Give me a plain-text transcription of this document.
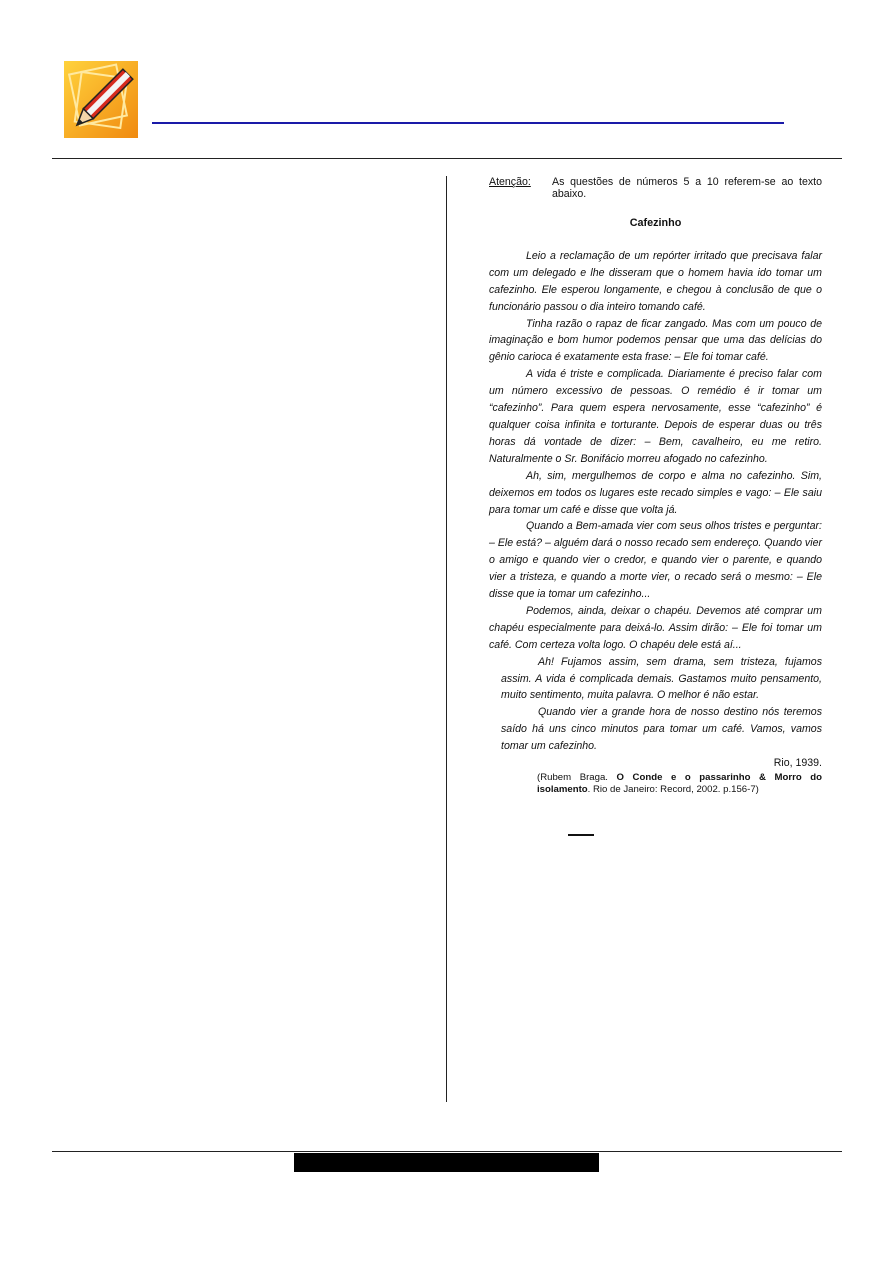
Atenção:	As questões de números 5 a 10 referem-se ao texto abaixo.
Cafezinho

Leio a reclamação de um repórter irritado que precisava falar com um delegado e lhe disseram que o homem havia ido tomar um cafezinho. Ele esperou longamente, e chegou à conclusão de que o funcionário passou o dia inteiro tomando café.

Tinha razão o rapaz de ficar zangado. Mas com um pouco de imaginação e bom humor podemos pensar que uma das delícias do gênio carioca é exatamente esta frase: – Ele foi tomar café.

A vida é triste e complicada. Diariamente é preciso falar com um número excessivo de pessoas. O remédio é ir tomar um “cafezinho”. Para quem espera nervosamente, esse “cafezinho” é qualquer coisa infinita e torturante. Depois de esperar duas ou três horas dá vontade de dizer: – Bem, cavalheiro, eu me retiro. Naturalmente o Sr. Bonifácio morreu afogado no cafezinho.

Ah, sim, mergulhemos de corpo e alma no cafezinho. Sim, deixemos em todos os lugares este recado simples e vago: – Ele saiu para tomar um café e disse que volta já.

Quando a Bem-amada vier com seus olhos tristes e perguntar: – Ele está? – alguém dará o nosso recado sem endereço. Quando vier o amigo e quando vier o credor, e quando vier o parente, e quando vier a tristeza, e quando a morte vier, o recado será o mesmo: – Ele disse que ia tomar um cafezinho...

Podemos, ainda, deixar o chapéu. Devemos até comprar um chapéu especialmente para deixá-lo. Assim dirão: – Ele foi tomar um café. Com certeza volta logo. O chapéu dele está aí...

Ah! Fujamos assim, sem drama, sem tristeza, fujamos assim. A vida é complicada demais. Gastamos muito pensamento, muito sentimento, muita palavra. O melhor é não estar.

Quando vier a grande hora de nosso destino nós teremos saído há uns cinco minutos para tomar um café. Vamos, vamos tomar um cafezinho.

Rio, 1939.
(Rubem Braga. O Conde e o passarinho & Morro do isolamento. Rio de Janeiro: Record, 2002. p.156-7)
